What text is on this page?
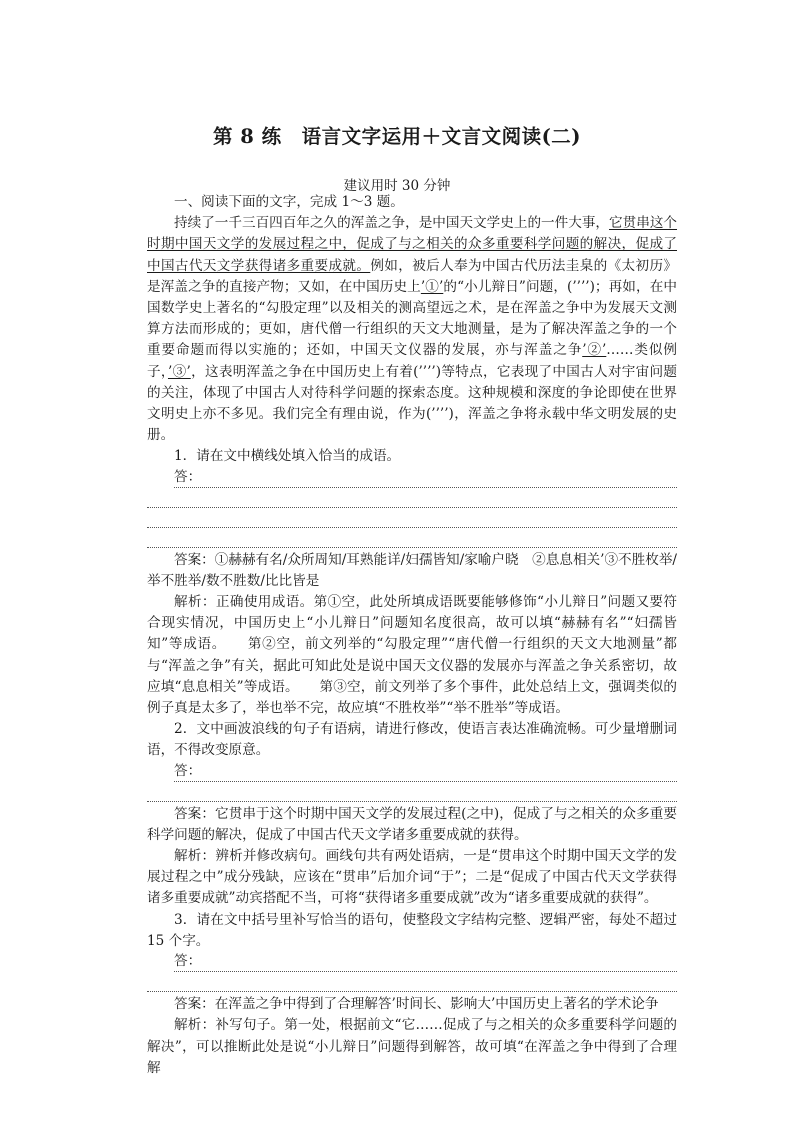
第 8 练　语言文字运用＋文言文阅读(二)
建议用时 30 分钟

一、阅读下面的文字，完成 1～3 题。

持续了一千三百四百年之久的浑盖之争，是中国天文学史上的一件大事，它贯串这个时期中国天文学的发展过程之中，促成了与之相关的众多重要科学问题的解决，促成了中国古代天文学获得诸多重要成就。例如，被后人奉为中国古代历法圭臬的《太初历》是浑盖之争的直接产物；又如，在中国历史上’①’的“小儿辩日”问题，(’’’’)；再如，在中国数学史上著名的“勾股定理”以及相关的测高望远之术，是在浑盖之争中为发展天文测算方法而形成的；更如，唐代僧一行组织的天文大地测量，是为了解决浑盖之争的一个重要命题而得以实施的；还如，中国天文仪器的发展，亦与浑盖之争’②’……类似例子，’③’，这表明浑盖之争在中国历史上有着(’’’’)等特点，它表现了中国古人对宇宙问题的关注，体现了中国古人对待科学问题的探索态度。这种规模和深度的争论即使在世界文明史上亦不多见。我们完全有理由说，作为(’’’’)，浑盖之争将永载中华文明发展的史册。

1．请在文中横线处填入恰当的成语。

答：

答案：①赫赫有名/众所周知/耳熟能详/妇孺皆知/家喻户晓　②息息相关’③不胜枚举/举不胜举/数不胜数/比比皆是

解析：正确使用成语。第①空，此处所填成语既要能够修饰“小儿辩日”问题又要符合现实情况，中国历史上“小儿辩日”问题知名度很高，故可以填“赫赫有名”“妇孺皆知”等成语。　　第②空，前文列举的“勾股定理”“唐代僧一行组织的天文大地测量”都与“浑盖之争”有关，据此可知此处是说中国天文仪器的发展亦与浑盖之争关系密切，故应填“息息相关”等成语。　　第③空，前文列举了多个事件，此处总结上文，强调类似的例子真是太多了，举也举不完，故应填“不胜枚举”“举不胜举”等成语。

2．文中画波浪线的句子有语病，请进行修改，使语言表达准确流畅。可少量增删词语，不得改变原意。

答：

答案：它贯串于这个时期中国天文学的发展过程(之中)，促成了与之相关的众多重要科学问题的解决，促成了中国古代天文学诸多重要成就的获得。

解析：辨析并修改病句。画线句共有两处语病，一是“贯串这个时期中国天文学的发展过程之中”成分残缺，应该在“贯串”后加介词“于”；二是“促成了中国古代天文学获得诸多重要成就”动宾搭配不当，可将“获得诸多重要成就”改为“诸多重要成就的获得”。

3．请在文中括号里补写恰当的语句，使整段文字结构完整、逻辑严密，每处不超过 15 个字。

答：

答案：在浑盖之争中得到了合理解答’时间长、影响大’中国历史上著名的学术论争

解析：补写句子。第一处，根据前文“它……促成了与之相关的众多重要科学问题的解决”，可以推断此处是说“小儿辩日”问题得到解答，故可填“在浑盖之争中得到了合理解
